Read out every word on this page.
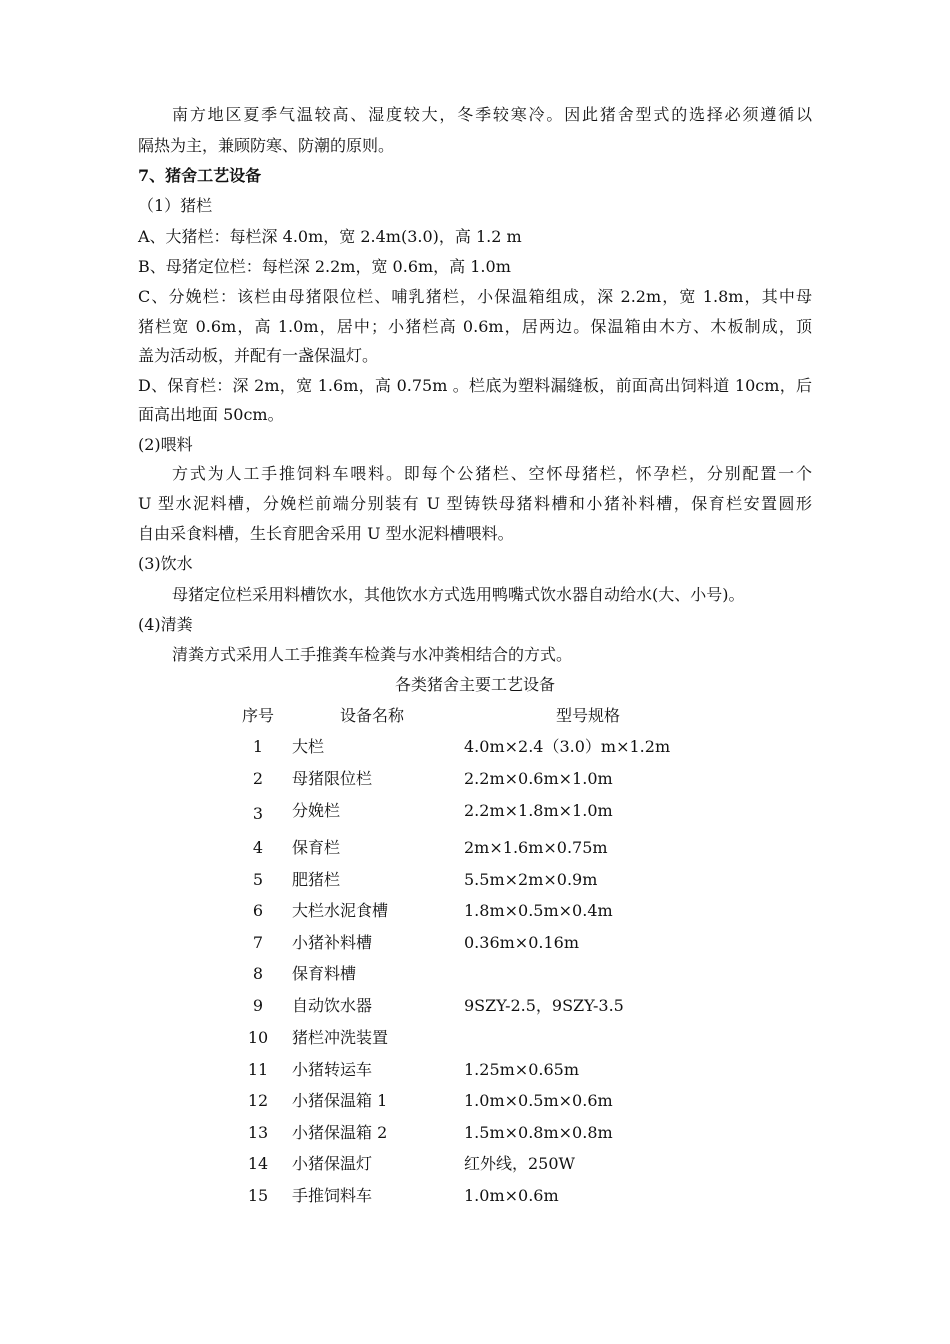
南方地区夏季气温较高、湿度较大，冬季较寒冷。因此猪舍型式的选择必须遵循以
隔热为主，兼顾防寒、防潮的原则。
7、猪舍工艺设备
（1）猪栏
A、大猪栏：每栏深 4.0m，宽 2.4m(3.0)，高 1.2 m
B、母猪定位栏：每栏深 2.2m，宽 0.6m，高 1.0m
C、分娩栏：该栏由母猪限位栏、哺乳猪栏，小保温箱组成，深 2.2m，宽 1.8m，其中母
猪栏宽 0.6m，高 1.0m，居中；小猪栏高 0.6m，居两边。保温箱由木方、木板制成，顶
盖为活动板，并配有一盏保温灯。
D、保育栏：深 2m，宽 1.6m，高 0.75m 。栏底为塑料漏缝板，前面高出饲料道 10cm，后
面高出地面 50cm。
(2)喂料
方式为人工手推饲料车喂料。即每个公猪栏、空怀母猪栏，怀孕栏，分别配置一个
U 型水泥料槽，分娩栏前端分别装有 U 型铸铁母猪料槽和小猪补料槽，保育栏安置圆形
自由采食料槽，生长育肥舍采用 U 型水泥料槽喂料。
(3)饮水
母猪定位栏采用料槽饮水，其他饮水方式选用鸭嘴式饮水器自动给水(大、小号)。
(4)清粪
清粪方式采用人工手推粪车检粪与水冲粪相结合的方式。
各类猪舍主要工艺设备
序号	设备名称	型号规格
1	大栏	4.0m×2.4（3.0）m×1.2m
2	母猪限位栏	2.2m×0.6m×1.0m
3	分娩栏	2.2m×1.8m×1.0m
4	保育栏	2m×1.6m×0.75m
5	肥猪栏	5.5m×2m×0.9m
6	大栏水泥食槽	1.8m×0.5m×0.4m
7	小猪补料槽	0.36m×0.16m
8	保育料槽
9	自动饮水器	9SZY-2.5，9SZY-3.5
10	猪栏冲洗装置
11	小猪转运车	1.25m×0.65m
12	小猪保温箱 1	1.0m×0.5m×0.6m
13	小猪保温箱 2	1.5m×0.8m×0.8m
14	小猪保温灯	红外线，250W
15	手推饲料车	1.0m×0.6m
